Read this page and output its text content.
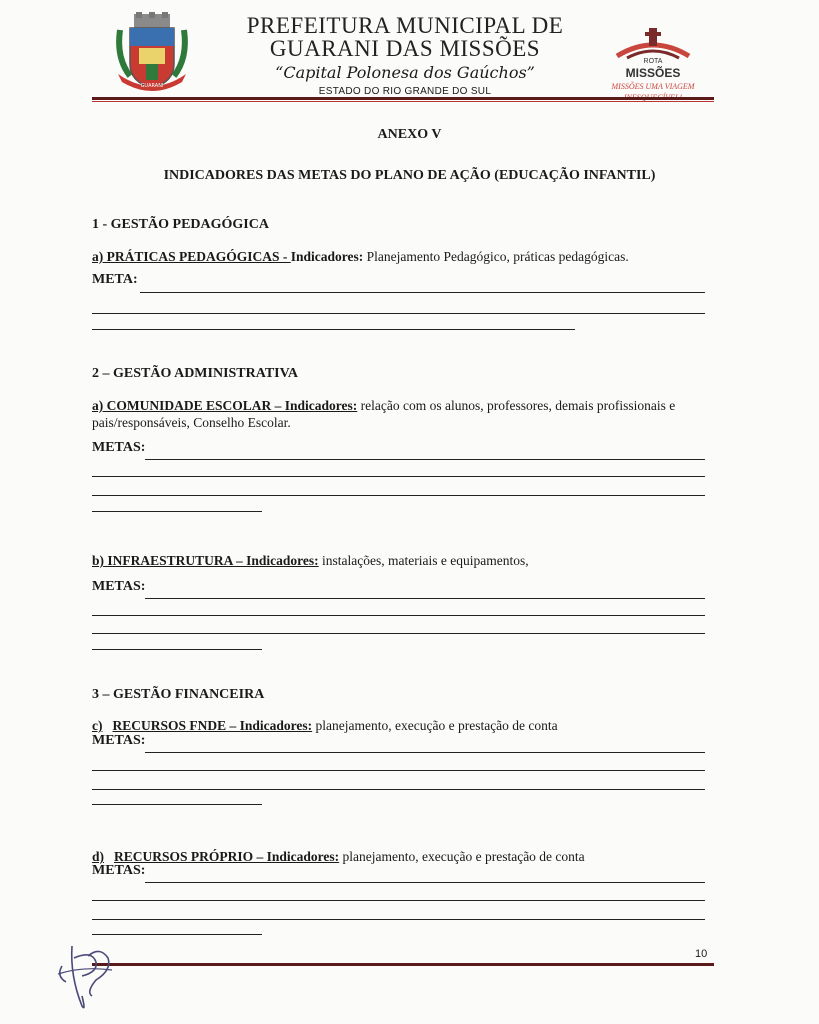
GUARANI
PREFEITURA MUNICIPAL DE
GUARANI DAS MISSÕES
“Capital Polonesa dos Gaúchos”
ESTADO DO RIO GRANDE DO SUL
ROTA
MISSÕES
MISSÕES UMA VIAGEM
ANEXO V
INDICADORES DAS METAS DO PLANO DE AÇÃO (EDUCAÇÃO INFANTIL)
1 - GESTÃO PEDAGÓGICA
a) PRÁTICAS PEDAGÓGICAS - Indicadores: Planejamento Pedagógico, práticas pedagógicas.
META:
2 – GESTÃO ADMINISTRATIVA
a) COMUNIDADE ESCOLAR – Indicadores: relação com os alunos, professores, demais profissionais e pais/responsáveis, Conselho Escolar.
METAS:
b) INFRAESTRUTURA – Indicadores: instalações, materiais e equipamentos,
METAS:
3 – GESTÃO FINANCEIRA
c) RECURSOS FNDE – Indicadores: planejamento, execução e prestação de conta
METAS:
d) RECURSOS PRÓPRIO – Indicadores: planejamento, execução e prestação de conta
METAS:
10
